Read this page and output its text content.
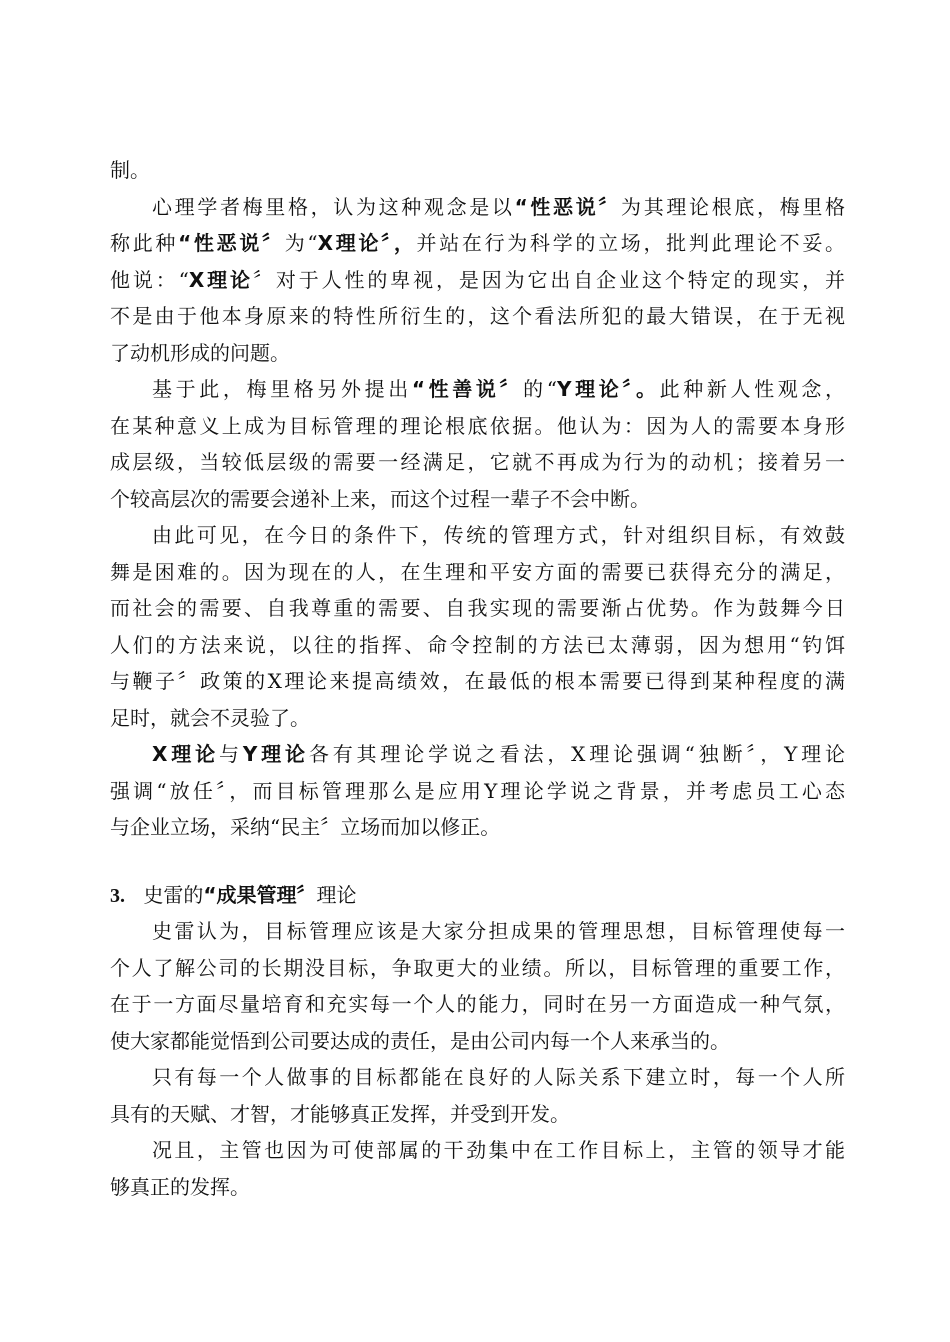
制。
心理学者梅里格，认为这种观念是以“性恶说〞为其理论根底，梅里格
称此种“性恶说〞为“X理论〞，并站在行为科学的立场，批判此理论不妥。
他说：“X理论〞对于人性的卑视，是因为它出自企业这个特定的现实，并
不是由于他本身原来的特性所衍生的，这个看法所犯的最大错误，在于无视
了动机形成的问题。
基于此，梅里格另外提出“性善说〞的“Y理论〞。此种新人性观念，
在某种意义上成为目标管理的理论根底依据。他认为：因为人的需要本身形
成层级，当较低层级的需要一经满足，它就不再成为行为的动机；接着另一
个较高层次的需要会递补上来，而这个过程一辈子不会中断。
由此可见，在今日的条件下，传统的管理方式，针对组织目标，有效鼓
舞是困难的。因为现在的人，在生理和平安方面的需要已获得充分的满足，
而社会的需要、自我尊重的需要、自我实现的需要渐占优势。作为鼓舞今日
人们的方法来说，以往的指挥、命令控制的方法已太薄弱，因为想用“钓饵
与鞭子〞政策的X理论来提高绩效，在最低的根本需要已得到某种程度的满
足时，就会不灵验了。
X理论与Y理论各有其理论学说之看法，X理论强调“独断〞，Y理论
强调“放任〞，而目标管理那么是应用Y理论学说之背景，并考虑员工心态
与企业立场，采纳“民主〞立场而加以修正。
3. 史雷的“成果管理〞理论
史雷认为，目标管理应该是大家分担成果的管理思想，目标管理使每一
个人了解公司的长期没目标，争取更大的业绩。所以，目标管理的重要工作，
在于一方面尽量培育和充实每一个人的能力，同时在另一方面造成一种气氛，
使大家都能觉悟到公司要达成的责任，是由公司内每一个人来承当的。
只有每一个人做事的目标都能在良好的人际关系下建立时，每一个人所
具有的天赋、才智，才能够真正发挥，并受到开发。
况且，主管也因为可使部属的干劲集中在工作目标上，主管的领导才能
够真正的发挥。
